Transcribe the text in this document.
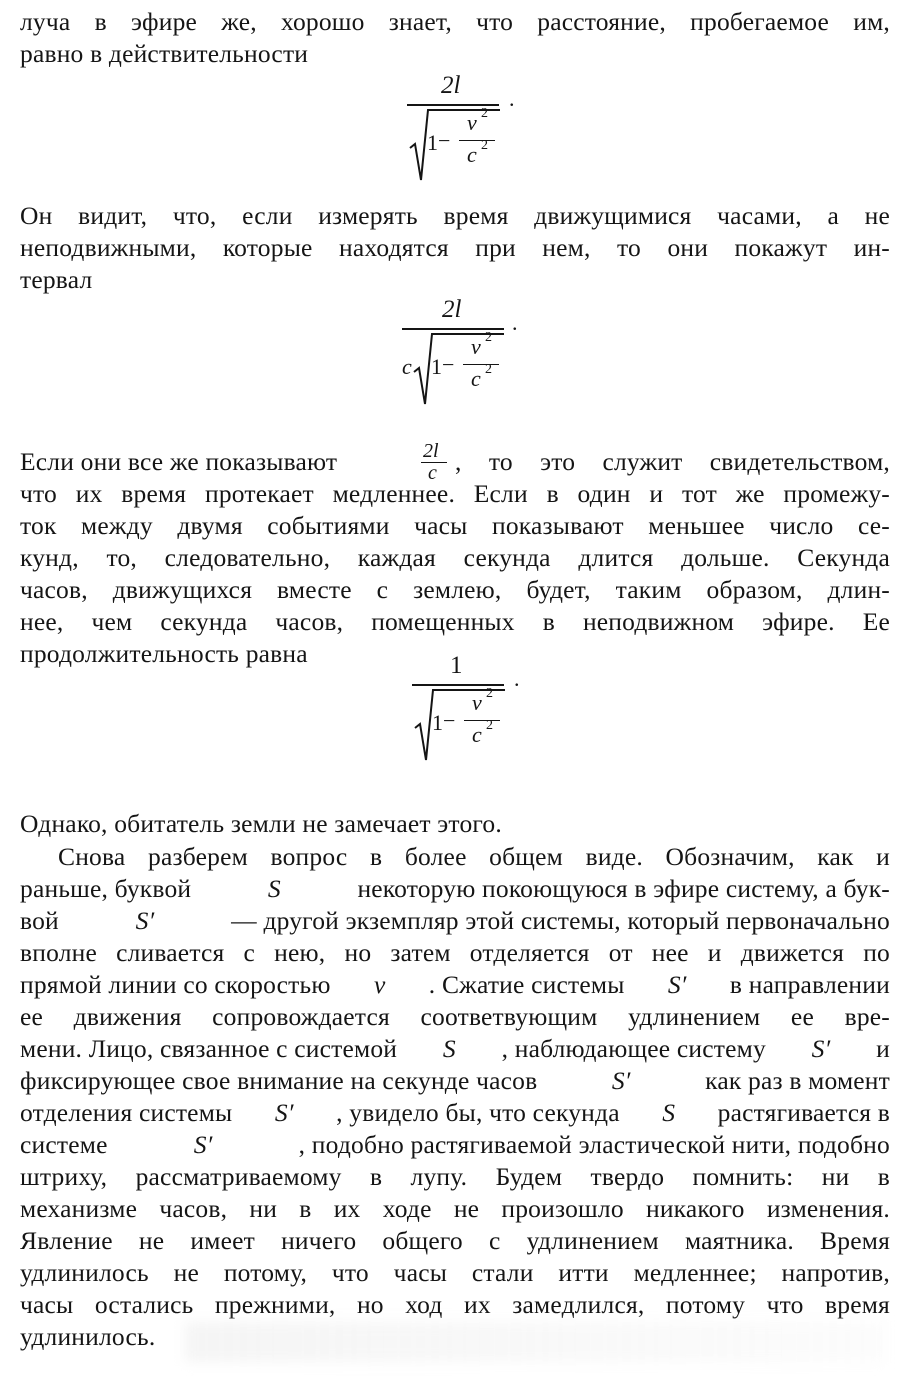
луча в эфире же, хорошо знает, что расстояние, пробегаемое им,
равно в действительности
2l
1 −
v 2
c 2
.
Он видит, что, если измерять время движущимися часами, а не
неподвижными, которые находятся при нем, то они покажут ин-
тервал
2l
c 1 −
v 2
c 2
.
Если они все же показывают	2l
c , то это служит свидетельством,
что их время протекает медленнее. Если в один и тот же промежу-
ток между двумя событиями часы показывают меньшее число се-
кунд, то, следовательно, каждая секунда длится дольше. Секунда
часов, движущихся вместе с землею, будет, таким образом, длин-
нее, чем секунда часов, помещенных в неподвижном эфире. Ее
продолжительность равна	1
1 −
v 2
c 2
.
Однако, обитатель земли не замечает этого.
Снова разберем вопрос в более общем виде. Обозначим, как и
раньше, буквой	S	некоторую покоющуюся в эфире систему, а бук-
вой	S′	— другой экземпляр этой системы, который первоначально
вполне сливается с нею, но затем отделяется от нее и движется по
прямой линии со скоростью v . Сжатие системы S′ в направлении
ее движения сопровождается соответвующим удлинением ее вре-
мени. Лицо, связанное с системой S , наблюдающее систему S′ и
фиксирующее свое внимание на секунде часов	S′	как раз в момент
отделения системы S′ , увидело бы, что секунда S растягивается в
системе	S′	, подобно растягиваемой эластической нити, подобно
штриху, рассматриваемому в лупу. Будем твердо помнить: ни в
механизме часов, ни в их ходе не произошло никакого изменения.
Явление не имеет ничего общего с удлинением маятника. Время
удлинилось не потому, что часы стали итти медленнее; напротив,
часы остались прежними, но ход их замедлился, потому что время
удлинилось.
